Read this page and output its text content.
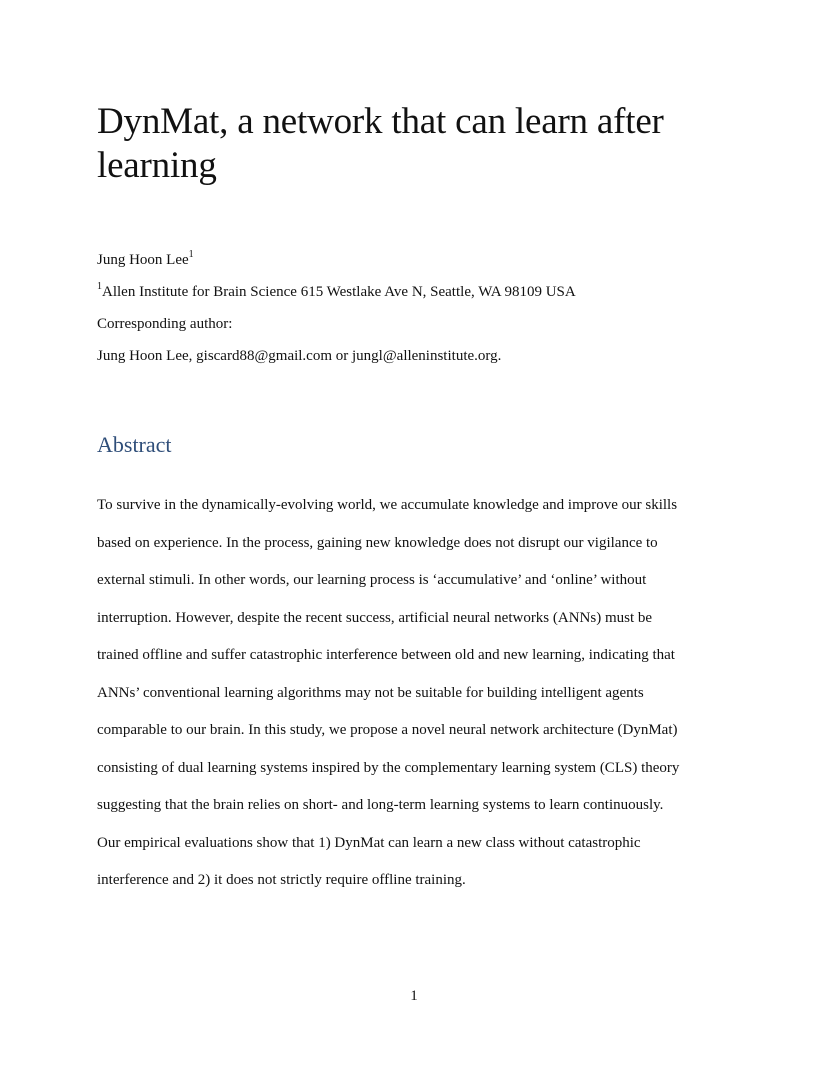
DynMat, a network that can learn after
learning

Jung Hoon Lee$^1$

$^1$Allen Institute for Brain Science 615 Westlake Ave N, Seattle, WA 98109 USA

Corresponding author:

Jung Hoon Lee, giscard88@gmail.com or jungl@alleninstitute.org.

Abstract

To survive in the dynamically-evolving world, we accumulate knowledge and improve our skills
based on experience. In the process, gaining new knowledge does not disrupt our vigilance to
external stimuli. In other words, our learning process is ‘accumulative’ and ‘online’ without
interruption. However, despite the recent success, artificial neural networks (ANNs) must be
trained offline and suffer catastrophic interference between old and new learning, indicating that
ANNs’ conventional learning algorithms may not be suitable for building intelligent agents
comparable to our brain. In this study, we propose a novel neural network architecture (DynMat)
consisting of dual learning systems inspired by the complementary learning system (CLS) theory
suggesting that the brain relies on short- and long-term learning systems to learn continuously.
Our empirical evaluations show that 1) DynMat can learn a new class without catastrophic
interference and 2) it does not strictly require offline training.

1
